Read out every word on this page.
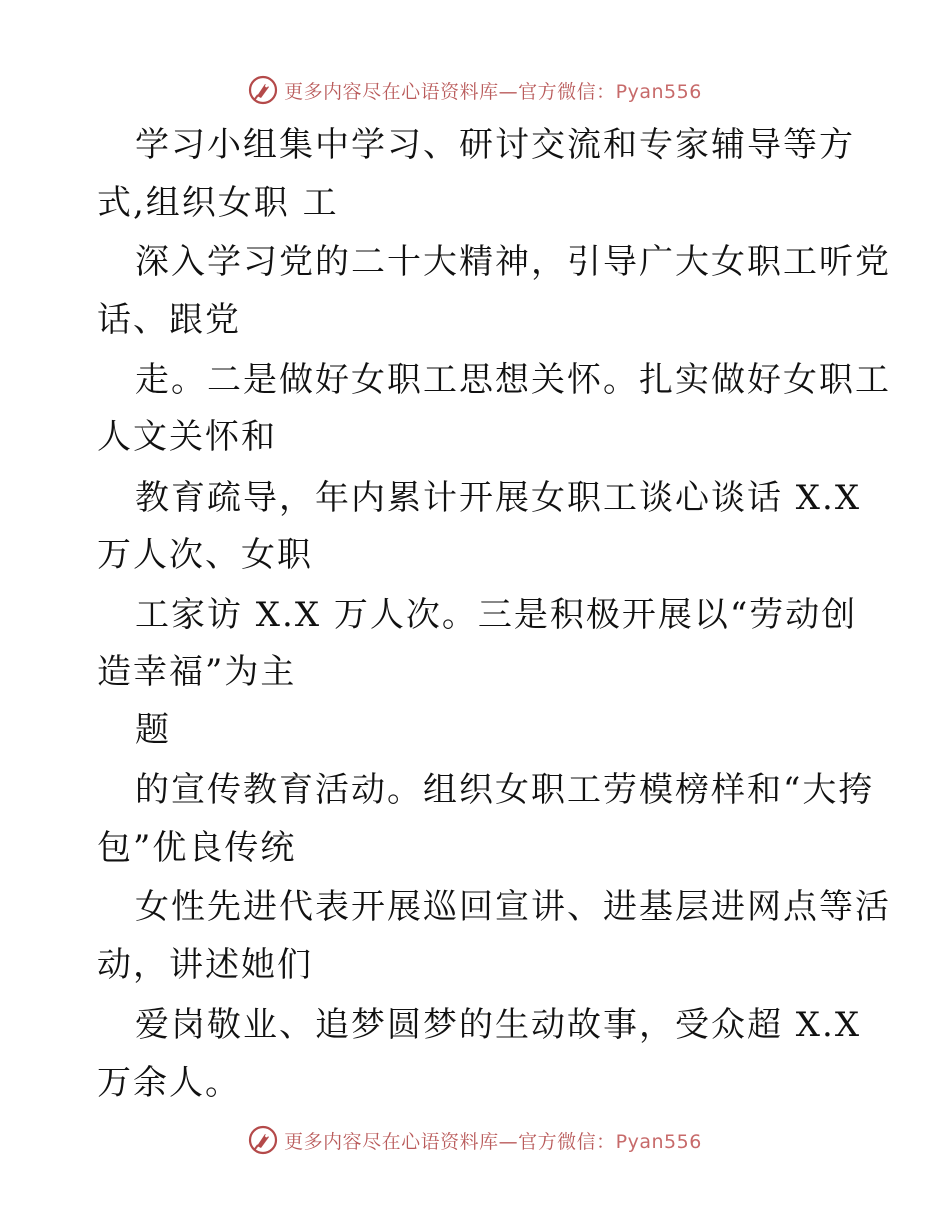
更多内容尽在心语资料库—官方微信：Pyan556
学习小组集中学习、研讨交流和专家辅导等方
式,组织女职 工
深入学习党的二十大精神，引导广大女职工听党
话、跟党
走。二是做好女职工思想关怀。扎实做好女职工
人文关怀和
教育疏导，年内累计开展女职工谈心谈话 X.X
万人次、女职
工家访 X.X 万人次。三是积极开展以“劳动创
造幸福”为主
题
的宣传教育活动。组织女职工劳模榜样和“大挎
包”优良传统
女性先进代表开展巡回宣讲、进基层进网点等活
动，讲述她们
爱岗敬业、追梦圆梦的生动故事，受众超 X.X
万余人。
更多内容尽在心语资料库—官方微信：Pyan556
